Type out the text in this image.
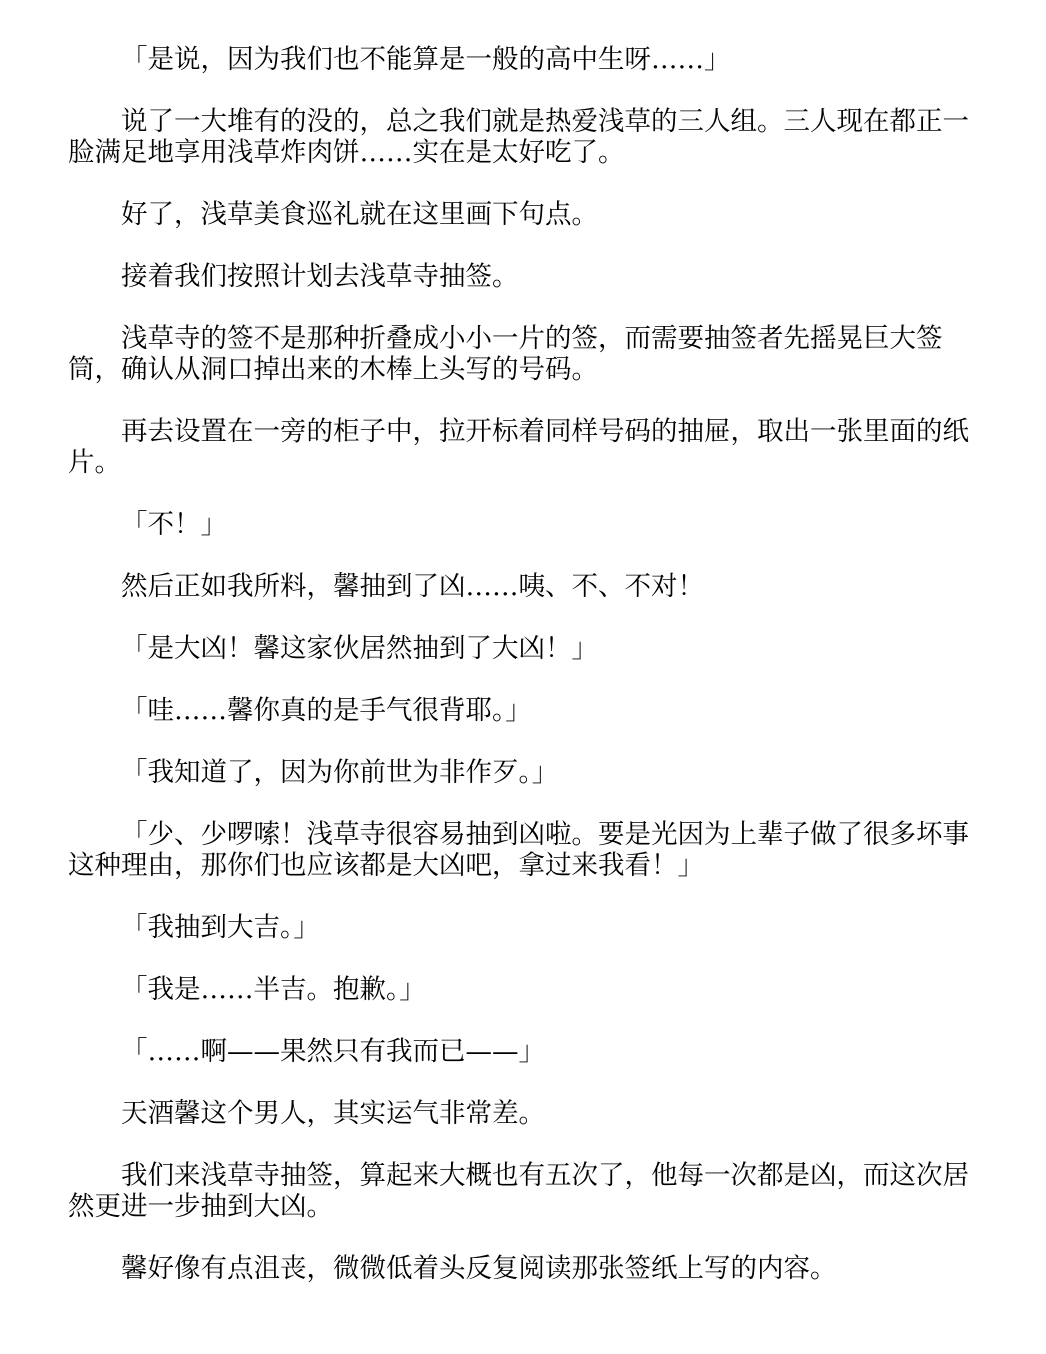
「是说，因为我们也不能算是一般的高中生呀……」

说了一大堆有的没的，总之我们就是热爱浅草的三人组。三人现在都正一脸满足地享用浅草炸肉饼……实在是太好吃了。

好了，浅草美食巡礼就在这里画下句点。

接着我们按照计划去浅草寺抽签。

浅草寺的签不是那种折叠成小小一片的签，而需要抽签者先摇晃巨大签筒，确认从洞口掉出来的木棒上头写的号码。

再去设置在一旁的柜子中，拉开标着同样号码的抽屉，取出一张里面的纸片。

「不！」

然后正如我所料，馨抽到了凶……咦、不、不对！

「是大凶！馨这家伙居然抽到了大凶！」

「哇……馨你真的是手气很背耶。」

「我知道了，因为你前世为非作歹。」

「少、少啰嗦！浅草寺很容易抽到凶啦。要是光因为上辈子做了很多坏事这种理由，那你们也应该都是大凶吧，拿过来我看！」

「我抽到大吉。」

「我是……半吉。抱歉。」

「……啊——果然只有我而已——」

天酒馨这个男人，其实运气非常差。

我们来浅草寺抽签，算起来大概也有五次了，他每一次都是凶，而这次居然更进一步抽到大凶。

馨好像有点沮丧，微微低着头反复阅读那张签纸上写的内容。
